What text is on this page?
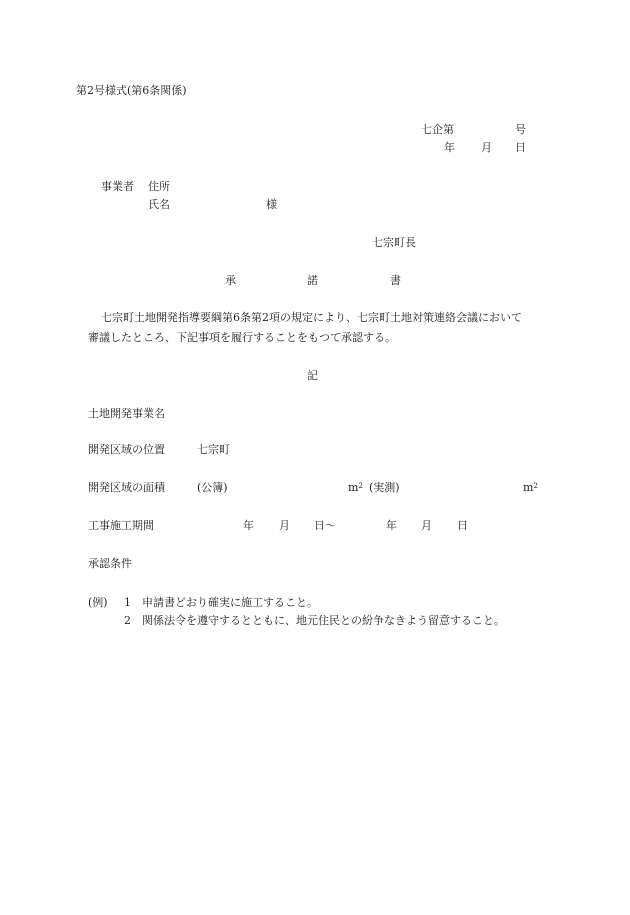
第2号様式(第6条関係)
七企第	号
年 月 日
事業者 住所
氏名	様
七宗町長
承	諾	書
七宗町土地開発指導要綱第6条第2項の規定により、七宗町土地対策連絡会議において
審議したところ、下記事項を履行することをもつて承認する。
記
土地開発事業名
開発区域の位置	七宗町
開発区域の面積	(公簿)	$m^2$ (実測)	$m^2$
工事施工期間	年 月 日〜	年 月 日
承認条件
(例) 1 申請書どおり確実に施工すること。
2 関係法令を遵守するとともに、地元住民との紛争なきよう留意すること。
